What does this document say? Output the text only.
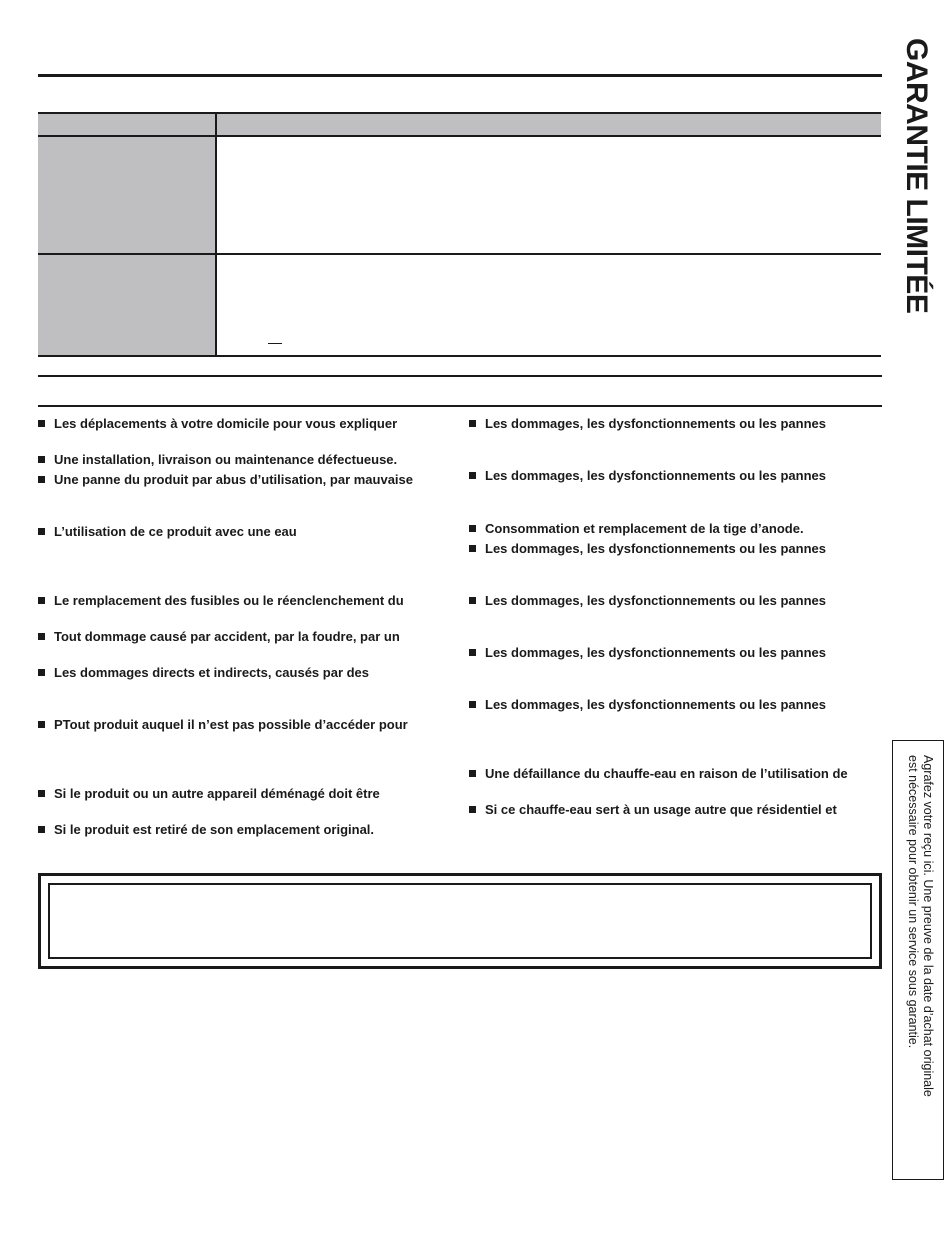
Les déplacements à votre domicile pour vous expliquer
Une installation, livraison ou maintenance défectueuse.
Une panne du produit par abus d’utilisation, par mauvaise
L’utilisation de ce produit avec une eau
Le remplacement des fusibles ou le réenclenchement du
Tout dommage causé par accident, par la foudre, par un
Les dommages directs et indirects, causés par des
PTout produit auquel il n’est pas possible d’accéder pour
Si le produit ou un autre appareil déménagé doit être
Si le produit est retiré de son emplacement original.
Les dommages, les dysfonctionnements ou les pannes
Les dommages, les dysfonctionnements ou les pannes
Consommation et remplacement de la tige d’anode.
Les dommages, les dysfonctionnements ou les pannes
Les dommages, les dysfonctionnements ou les pannes
Les dommages, les dysfonctionnements ou les pannes
Les dommages, les dysfonctionnements ou les pannes
Une défaillance du chauffe-eau en raison de l’utilisation de
Si ce chauffe-eau sert à un usage autre que résidentiel et
GARANTIE LIMITÉE
Agrafez votre reçu ici. Une preuve de la date d’achat originale
est nécessaire pour obtenir un service sous garantie.
